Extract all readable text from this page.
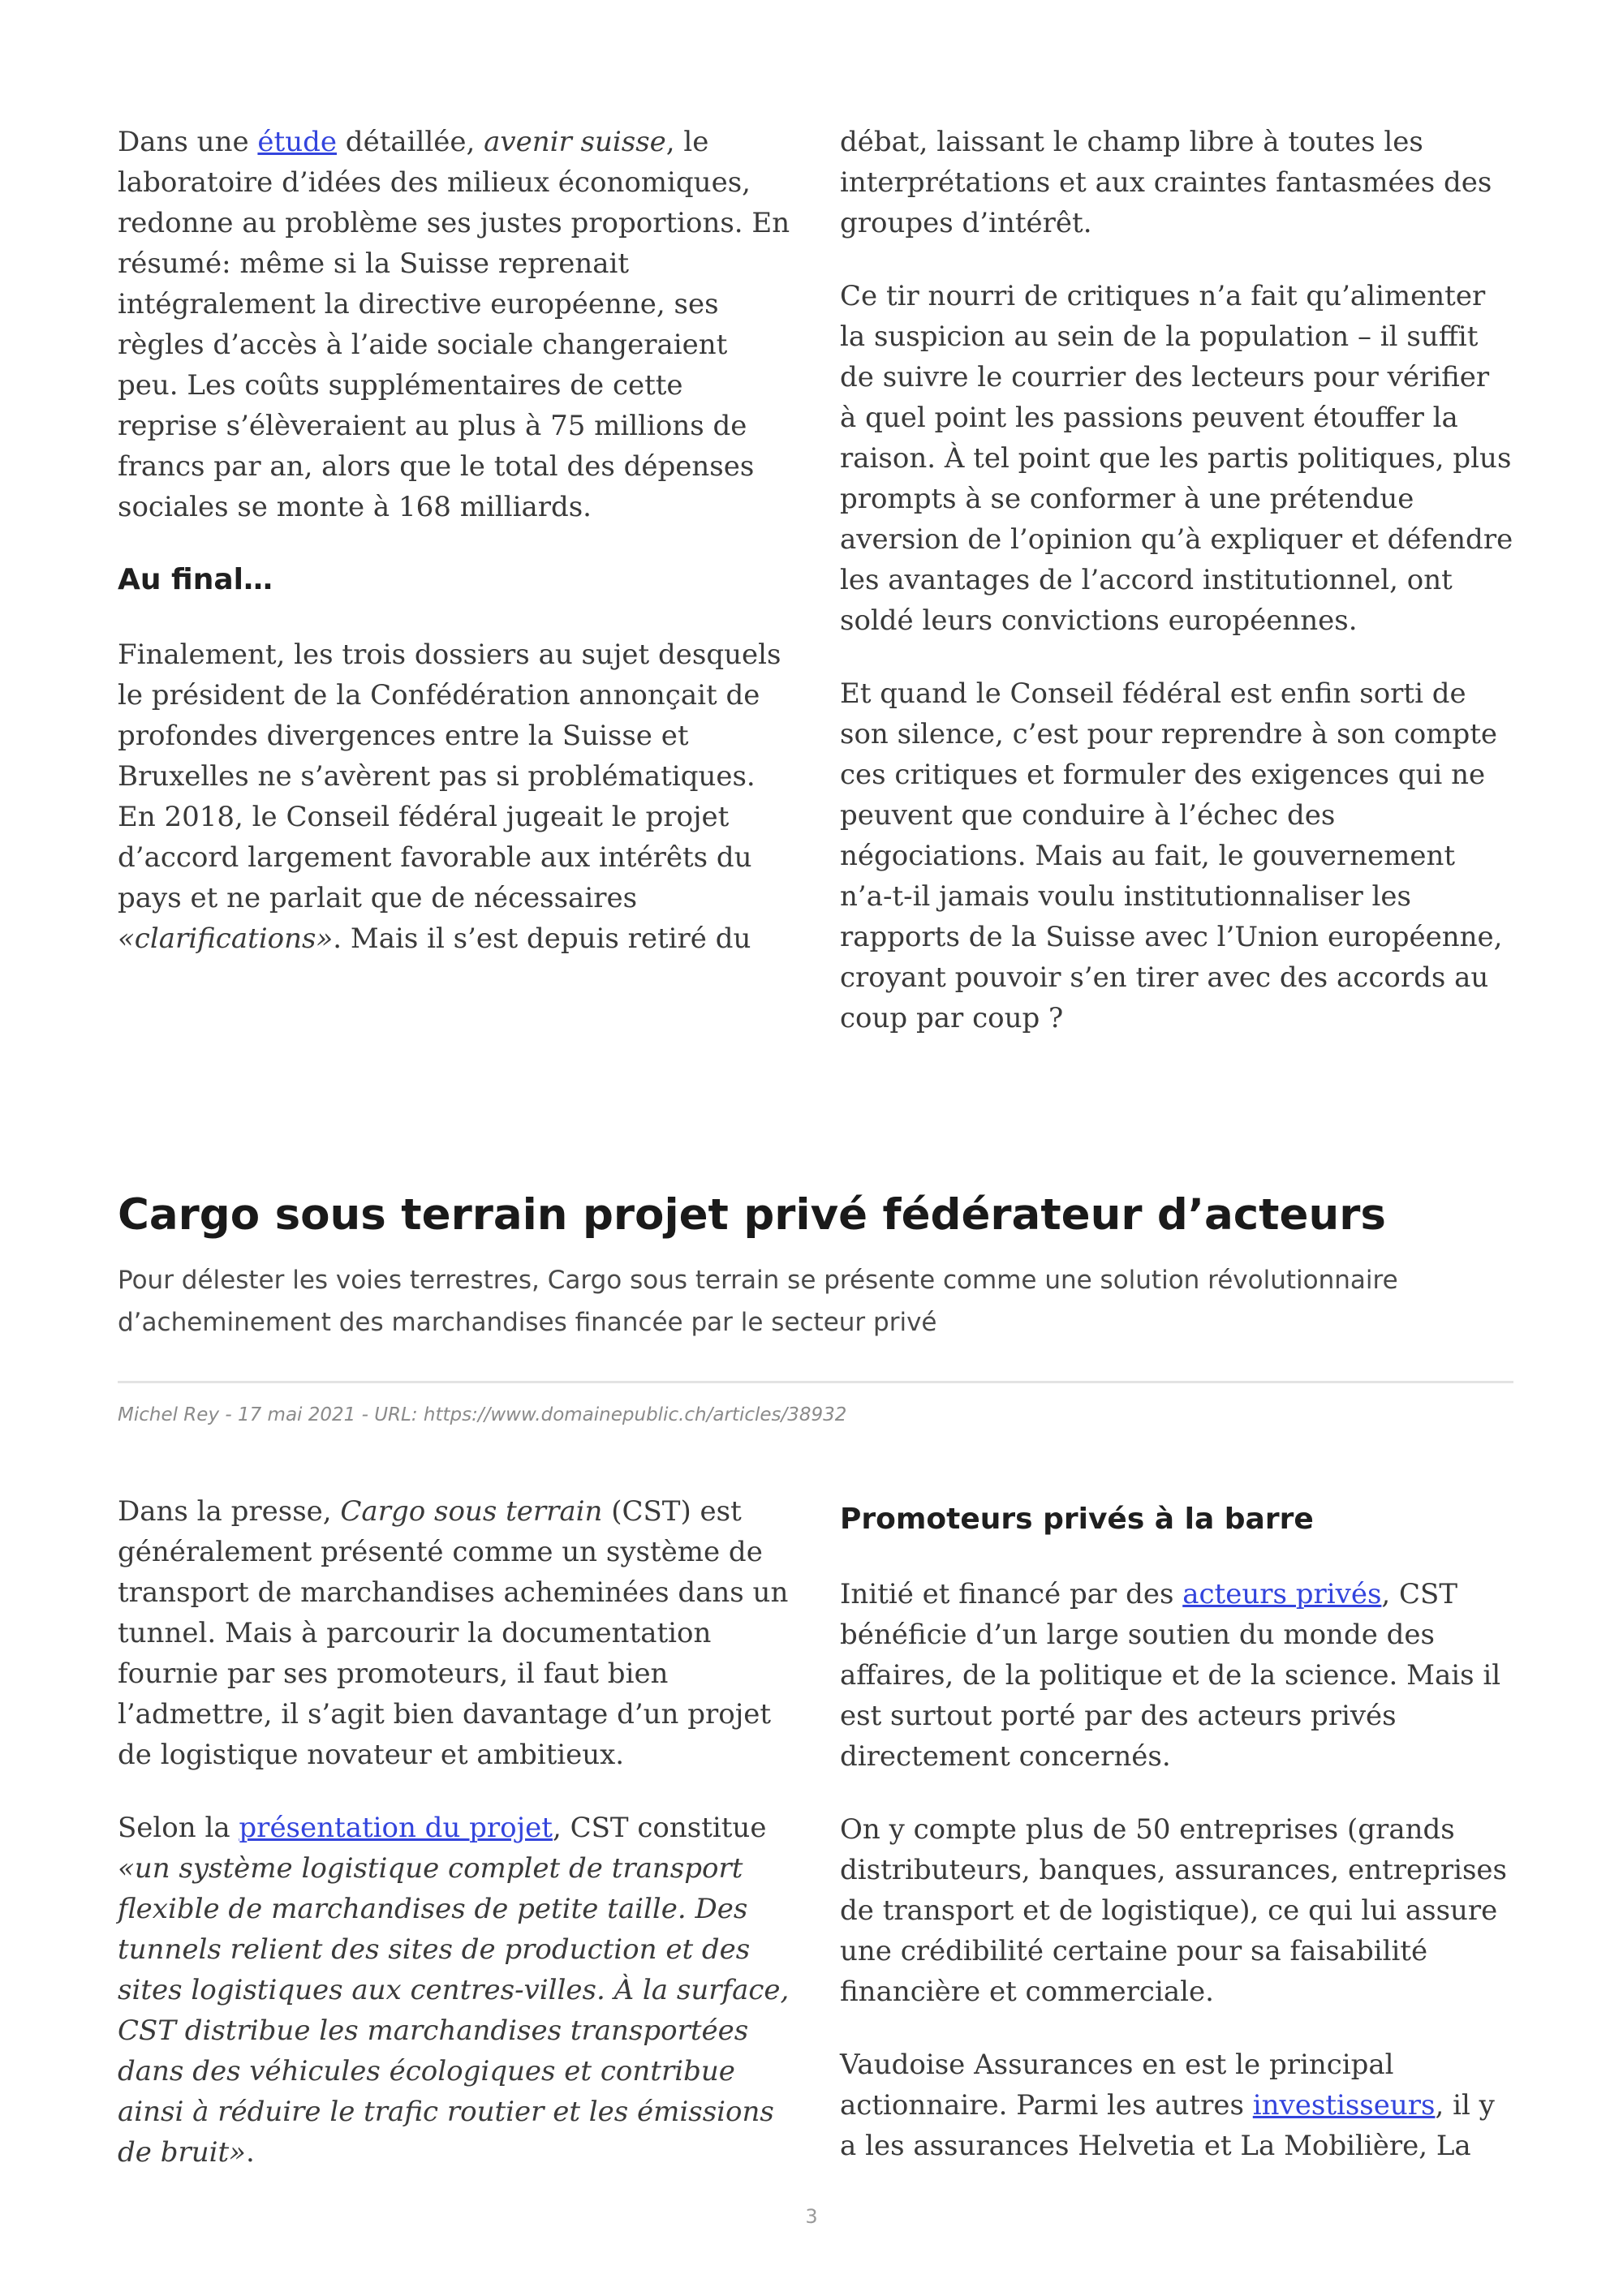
Dans une étude détaillée, avenir suisse, le laboratoire d’idées des milieux économiques, redonne au problème ses justes proportions. En résumé: même si la Suisse reprenait intégralement la directive européenne, ses règles d’accès à l’aide sociale changeraient peu. Les coûts supplémentaires de cette reprise s’élèveraient au plus à 75 millions de francs par an, alors que le total des dépenses sociales se monte à 168 milliards.

Au final…

Finalement, les trois dossiers au sujet desquels le président de la Confédération annonçait de profondes divergences entre la Suisse et Bruxelles ne s’avèrent pas si problématiques. En 2018, le Conseil fédéral jugeait le projet d’accord largement favorable aux intérêts du pays et ne parlait que de nécessaires «clarifications». Mais il s’est depuis retiré du

débat, laissant le champ libre à toutes les interprétations et aux craintes fantasmées des groupes d’intérêt.

Ce tir nourri de critiques n’a fait qu’alimenter la suspicion au sein de la population – il suffit de suivre le courrier des lecteurs pour vérifier à quel point les passions peuvent étouffer la raison. À tel point que les partis politiques, plus prompts à se conformer à une prétendue aversion de l’opinion qu’à expliquer et défendre les avantages de l’accord institutionnel, ont soldé leurs convictions européennes.

Et quand le Conseil fédéral est enfin sorti de son silence, c’est pour reprendre à son compte ces critiques et formuler des exigences qui ne peuvent que conduire à l’échec des négociations. Mais au fait, le gouvernement n’a-t-il jamais voulu institutionnaliser les rapports de la Suisse avec l’Union européenne, croyant pouvoir s’en tirer avec des accords au coup par coup ?

Cargo sous terrain projet privé fédérateur d’acteurs

Pour délester les voies terrestres, Cargo sous terrain se présente comme une solution révolutionnaire d’acheminement des marchandises financée par le secteur privé

Michel Rey - 17 mai 2021 - URL: https://www.domainepublic.ch/articles/38932

Dans la presse, Cargo sous terrain (CST) est généralement présenté comme un système de transport de marchandises acheminées dans un tunnel. Mais à parcourir la documentation fournie par ses promoteurs, il faut bien l’admettre, il s’agit bien davantage d’un projet de logistique novateur et ambitieux.

Selon la présentation du projet, CST constitue «un système logistique complet de transport flexible de marchandises de petite taille. Des tunnels relient des sites de production et des sites logistiques aux centres-villes. À la surface, CST distribue les marchandises transportées dans des véhicules écologiques et contribue ainsi à réduire le trafic routier et les émissions de bruit».

Promoteurs privés à la barre

Initié et financé par des acteurs privés, CST bénéficie d’un large soutien du monde des affaires, de la politique et de la science. Mais il est surtout porté par des acteurs privés directement concernés.

On y compte plus de 50 entreprises (grands distributeurs, banques, assurances, entreprises de transport et de logistique), ce qui lui assure une crédibilité certaine pour sa faisabilité financière et commerciale.

Vaudoise Assurances en est le principal actionnaire. Parmi les autres investisseurs, il y a les assurances Helvetia et La Mobilière, La

3
